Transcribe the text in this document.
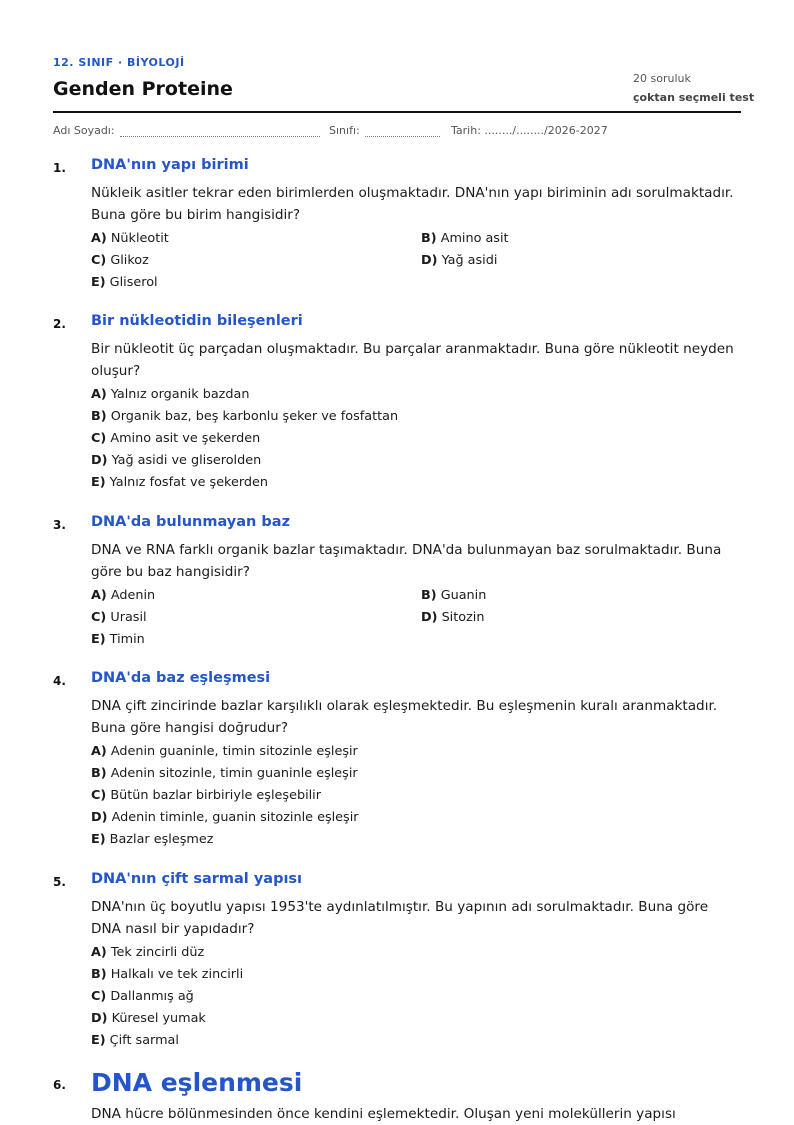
12. SINIF · BİYOLOJİ
Genden Proteine	20 soruluk
çoktan seçmeli test
Adı Soyadı:	Sınıfı:	Tarih: ......../......../2026-2027
1. DNA'nın yapı birimi
Nükleik asitler tekrar eden birimlerden oluşmaktadır. DNA'nın yapı biriminin adı sorulmaktadır. Buna göre bu birim hangisidir?
A) Nükleotit	B) Amino asit
C) Glikoz	D) Yağ asidi
E) Gliserol
2. Bir nükleotidin bileşenleri
Bir nükleotit üç parçadan oluşmaktadır. Bu parçalar aranmaktadır. Buna göre nükleotit neyden oluşur?
A) Yalnız organik bazdan
B) Organik baz, beş karbonlu şeker ve fosfattan
C) Amino asit ve şekerden
D) Yağ asidi ve gliserolden
E) Yalnız fosfat ve şekerden
3. DNA'da bulunmayan baz
DNA ve RNA farklı organik bazlar taşımaktadır. DNA'da bulunmayan baz sorulmaktadır. Buna göre bu baz hangisidir?
A) Adenin	B) Guanin
C) Urasil	D) Sitozin
E) Timin
4. DNA'da baz eşleşmesi
DNA çift zincirinde bazlar karşılıklı olarak eşleşmektedir. Bu eşleşmenin kuralı aranmaktadır. Buna göre hangisi doğrudur?
A) Adenin guaninle, timin sitozinle eşleşir
B) Adenin sitozinle, timin guaninle eşleşir
C) Bütün bazlar birbiriyle eşleşebilir
D) Adenin timinle, guanin sitozinle eşleşir
E) Bazlar eşleşmez
5. DNA'nın çift sarmal yapısı
DNA'nın üç boyutlu yapısı 1953'te aydınlatılmıştır. Bu yapının adı sorulmaktadır. Buna göre DNA nasıl bir yapıdadır?
A) Tek zincirli düz
B) Halkalı ve tek zincirli
C) Dallanmış ağ
D) Küresel yumak
E) Çift sarmal
6. DNA eşlenmesi
DNA hücre bölünmesinden önce kendini eşlemektedir. Oluşan yeni moleküllerin yapısı
